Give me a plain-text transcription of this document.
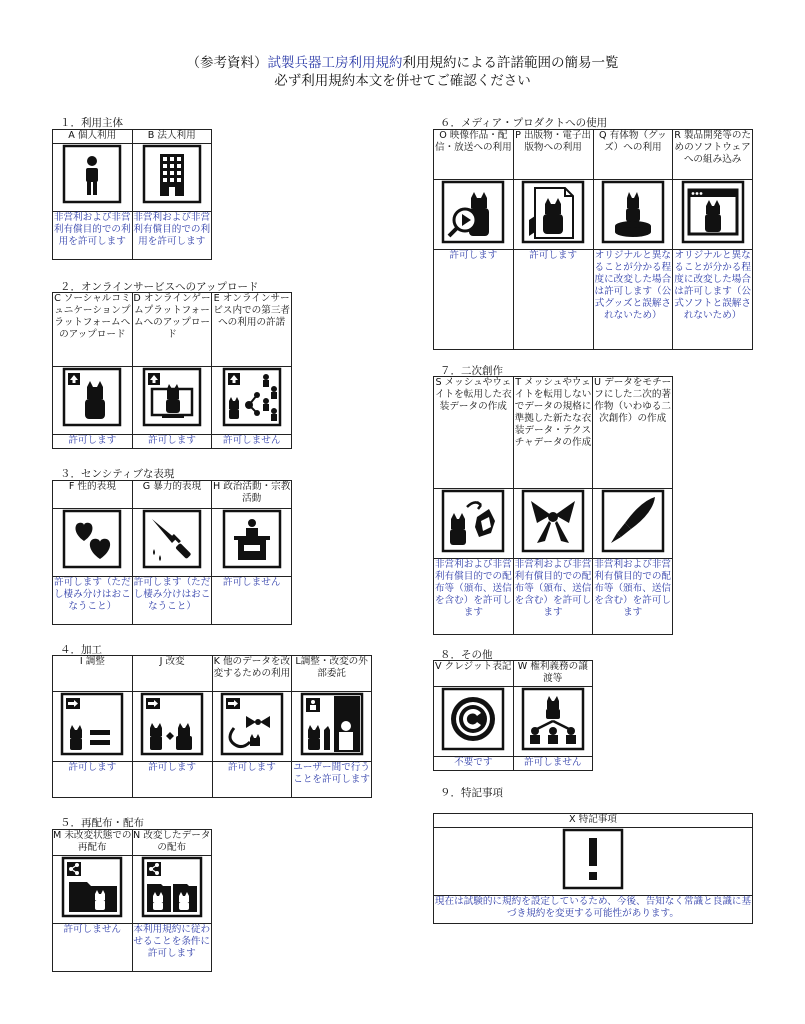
（参考資料）試製兵器工房利用規約利用規約による許諾範囲の簡易一覧
必ず利用規約本文を併せてご確認ください
１．利用主体
A 個人利用	B 法人利用

非営利および非営利有償目的での利用を許可します	非営利および非営利有償目的での利用を許可します
２．オンラインサービスへのアップロード
C ソーシャルコミュニケーションプラットフォームへのアップロード	D オンラインゲームプラットフォームへのアップロード	E オンラインサービス内での第三者への利用の許諾

許可します	許可します	許可しません
３．センシティブな表現
F 性的表現	G 暴力的表現	H 政治活動・宗教活動

許可します（ただし棲み分けはおこなうこと）	許可します（ただし棲み分けはおこなうこと）	許可しません
４．加工
I 調整	J 改変	K 他のデータを改変するための利用	L調整・改変の外部委託

許可します	許可します	許可します	ユーザー間で行うことを許可します
５．再配布・配布
M 未改変状態での再配布	N 改変したデータの配布

許可しません	本利用規約に従わせることを条件に許可します
６．メディア・プロダクトへの使用
O 映像作品・配信・放送への利用	P 出版物・電子出版物への利用	Q 有体物（グッズ）への利用	R 製品開発等のためのソフトウェアへの組み込み

許可します	許可します	オリジナルと異なることが分かる程度に改変した場合は許可します（公式グッズと誤解されないため）	オリジナルと異なることが分かる程度に改変した場合は許可します（公式ソフトと誤解されないため）
７．二次創作
S メッシュやウェイトを転用した衣装データの作成	T メッシュやウェイトを転用しないでデータの規格に準拠した新たな衣装データ・テクスチャデータの作成	U データをモチーフにした二次的著作物（いわゆる二次創作）の作成

非営利および非営利有償目的での配布等（頒布、送信を含む）を許可します	非営利および非営利有償目的での配布等（頒布、送信を含む）を許可します	非営利および非営利有償目的での配布等（頒布、送信を含む）を許可します
８．その他
V クレジット表記	W 権利義務の譲渡等

不要です	許可しません
９．特記事項
X 特記事項

現在は試験的に規約を設定しているため、今後、告知なく常識と良識に基づき規約を変更する可能性があります。
